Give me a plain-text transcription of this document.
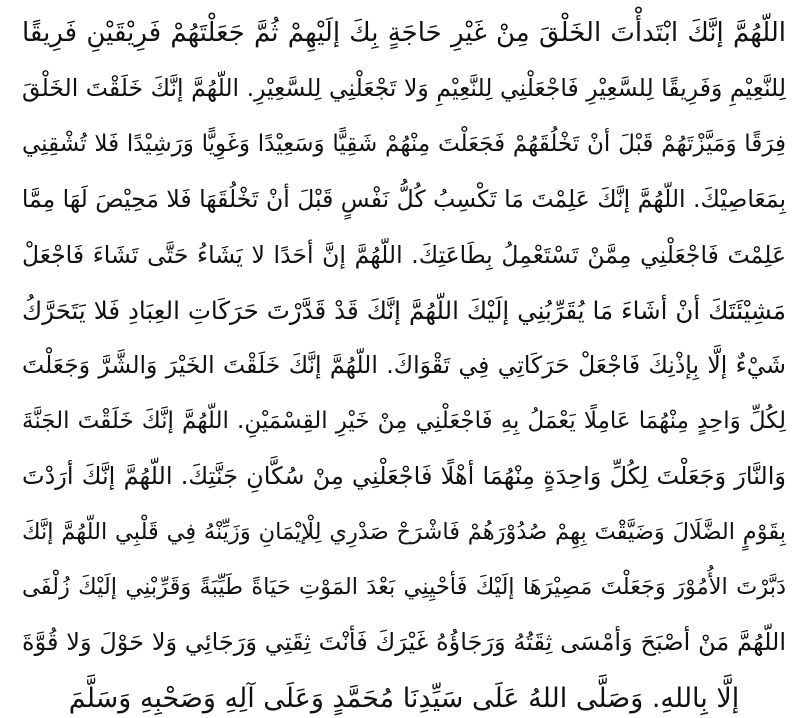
اللّهُمَّ إنَّكَ ابْتَدأْتَ الخَلْقَ مِنْ غَيْرِ حَاجَةٍ بِكَ إلَيْهِمْ ثُمَّ جَعَلْتَهُمْ فَرِيْقَيْنِ فَرِيقًا
لِلنَّعِيْمِ وَفَرِيقًا لِلسَّعِيْرِ فَاجْعَلْنِي لِلنَّعِيْمِ وَلا تَجْعَلْنِي لِلسَّعِيْرِ. اللّهُمَّ إنَّكَ خَلَقْتَ الخَلْقَ
فِرَقًا وَمَيَّزْتَهُمْ قَبْلَ أنْ تَخْلُقَهُمْ فَجَعَلْتَ مِنْهُمْ شَقِيًّا وَسَعِيْدًا وَغَوِيًّا وَرَشِيْدًا فَلا تُشْقِنِي
بِمَعَاصِيْكَ. اللّهُمَّ إنَّكَ عَلِمْتَ مَا تَكْسِبُ كُلُّ نَفْسٍ قَبْلَ أنْ تَخْلُقَهَا فَلا مَحِيْصَ لَهَا مِمَّا
عَلِمْتَ فَاجْعَلْنِي مِمَّنْ تَسْتَعْمِلُ بِطَاعَتِكَ. اللّهُمَّ إنَّ أحَدًا لا يَشَاءُ حَتَّى تَشَاءَ فَاجْعَلْ
مَشِيْئَتَكَ أنْ أشَاءَ مَا يُقَرِّبُنِي إلَيْكَ اللّهُمَّ إنَّكَ قَدْ قَدَّرْتَ حَرَكَاتِ العِبَادِ فَلا يَتَحَرَّكُ
شَيْءٌ إلَّا بِإذْنِكَ فَاجْعَلْ حَرَكَاتِي فِي تَقْوَاكَ. اللّهُمَّ إنَّكَ خَلَقْتَ الخَيْرَ وَالشَّرَّ وَجَعَلْتَ
لِكُلِّ وَاحِدٍ مِنْهُمَا عَامِلًا يَعْمَلُ بِهِ فَاجْعَلْنِي مِنْ خَيْرِ القِسْمَيْنِ. اللّهُمَّ إنَّكَ خَلَقْتَ الجَنَّةَ
وَالنَّارَ وَجَعَلْتَ لِكُلِّ وَاحِدَةٍ مِنْهُمَا أهْلًا فَاجْعَلْنِي مِنْ سُكَّانِ جَنَّتِكَ. اللّهُمَّ إنَّكَ أرَدْتَ
بِقَوْمٍ الضَّلَالَ وَضَيَّقْتَ بِهِمْ صُدُوْرَهُمْ فَاشْرَحْ صَدْرِي لِلْإيْمَانِ وَزَيِّنْهُ فِي قَلْبِي اللّهُمَّ إنَّكَ
دَبَّرْتَ الأُمُوْرَ وَجَعَلْتَ مَصِيْرَهَا إلَيْكَ فَأحْيِنِي بَعْدَ المَوْتِ حَيَاةً طَيِّبَةً وَقَرِّبْنِي إلَيْكَ زُلْفَى
اللّهُمَّ مَنْ أصْبَحَ وَأمْسَى ثِقَتُهُ وَرَجَاؤُهُ غَيْرَكَ فَأنْتَ ثِقَتِي وَرَجَائِي وَلا حَوْلَ وَلا قُوَّةَ
إلَّا بِاللهِ. وَصَلَّى اللهُ عَلَى سَيِّدِنَا مُحَمَّدٍ وَعَلَى آلِهِ وَصَحْبِهِ وَسَلَّمَ
